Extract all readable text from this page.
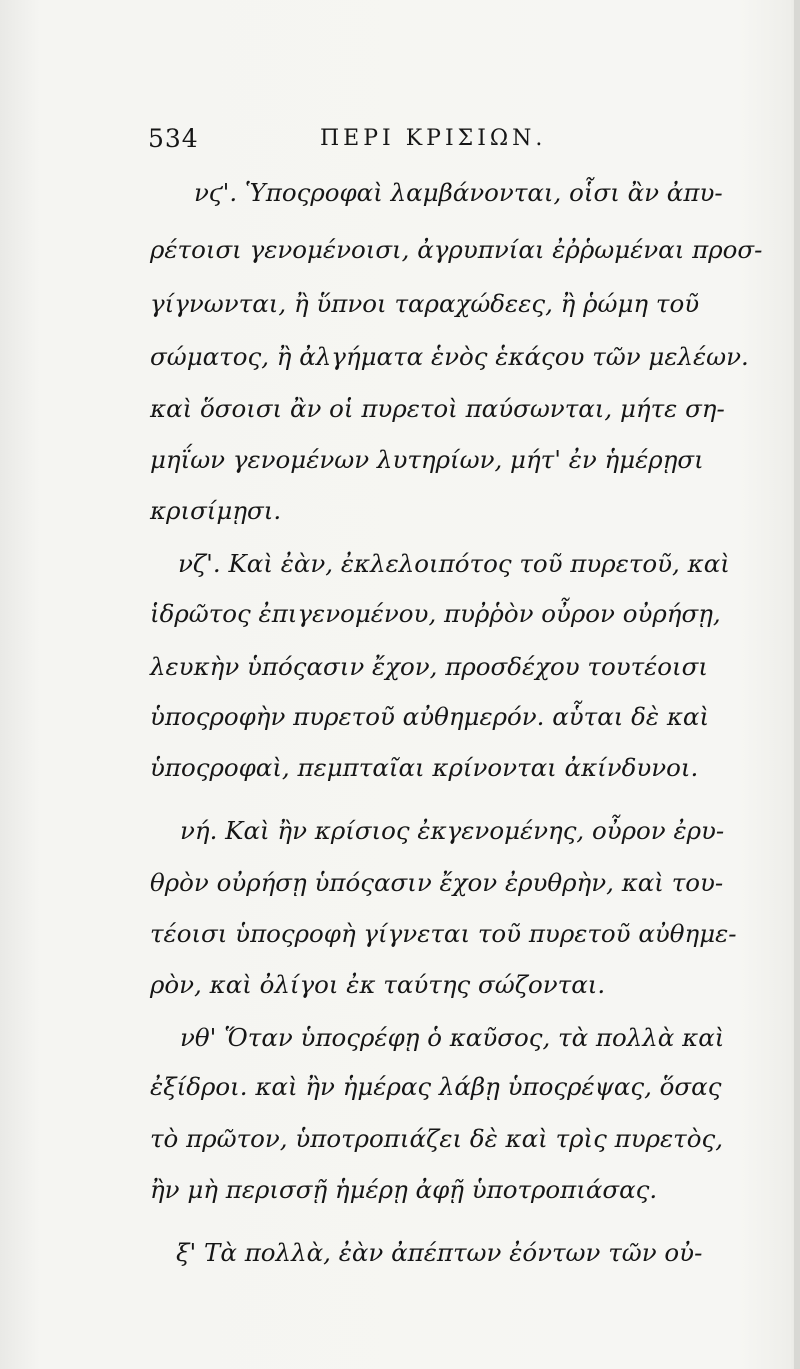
534	ΠΕΡΙ ΚΡΙΣΙΩΝ.
νϛ'. Ὑποςροφαὶ λαμβάνονται, οἷσι ἂν ἀπυ-
ρέτοισι γενομένοισι, ἀγρυπνίαι ἐῤῥωμέναι προσ-
γίγνωνται, ἢ ὕπνοι ταραχώδεες, ἢ ῥώμη τοῦ
σώματος, ἢ ἀλγήματα ἑνὸς ἑκάςου τῶν μελέων.
καὶ ὅσοισι ἂν οἱ πυρετοὶ παύσωνται, μήτε ση-
μηΐων γενομένων λυτηρίων, μήτ' ἐν ἡμέρῃσι
κρισίμῃσι.
νζ'. Καὶ ἐὰν, ἐκλελοιπότος τοῦ πυρετοῦ, καὶ
ἱδρῶτος ἐπιγενομένου, πυῤῥὸν οὖρον οὐρήσῃ,
λευκὴν ὑπόςασιν ἔχον, προσδέχου τουτέοισι
ὑποςροφὴν πυρετοῦ αὐθημερόν. αὗται δὲ καὶ
ὑποςροφαὶ, πεμπταῖαι κρίνονται ἀκίνδυνοι.
νή. Καὶ ἢν κρίσιος ἐκγενομένης, οὖρον ἐρυ-
θρὸν οὐρήσῃ ὑπόςασιν ἔχον ἐρυθρὴν, καὶ του-
τέοισι ὑποςροφὴ γίγνεται τοῦ πυρετοῦ αὐθημε-
ρὸν, καὶ ὀλίγοι ἐκ ταύτης σώζονται.
νθ' Ὅταν ὑποςρέφῃ ὁ καῦσος, τὰ πολλὰ καὶ
ἐξίδροι. καὶ ἢν ἡμέρας λάβῃ ὑποςρέψας, ὅσας
τὸ πρῶτον, ὑποτροπιάζει δὲ καὶ τρὶς πυρετὸς,
ἢν μὴ περισσῇ ἡμέρῃ ἀφῇ ὑποτροπιάσας.
ξ' Τὰ πολλὰ, ἐὰν ἀπέπτων ἐόντων τῶν οὐ-
